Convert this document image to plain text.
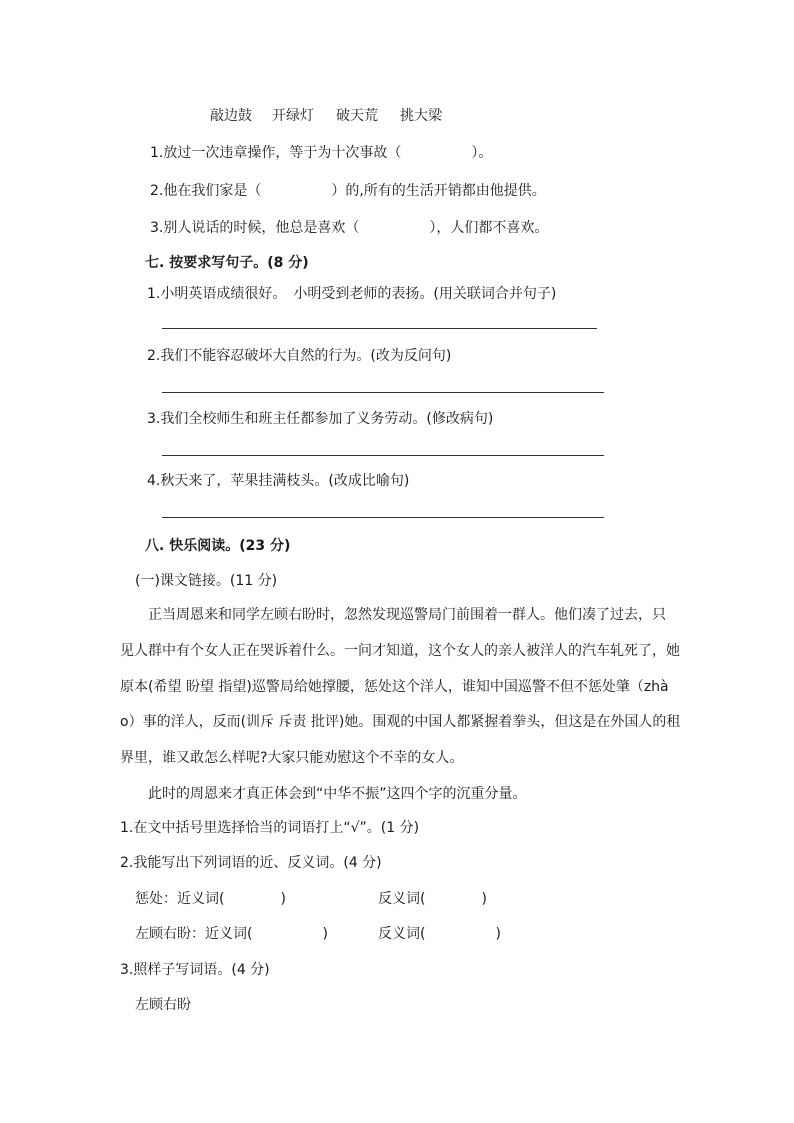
敲边鼓 开绿灯 破天荒 挑大梁
1.放过一次违章操作，等于为十次事故（　　　　　）。
2.他在我们家是（　　　　　）的,所有的生活开销都由他提供。
3.别人说话的时候，他总是喜欢（　　　　　），人们都不喜欢。
七. 按要求写句子。(8 分)
1.小明英语成绩很好。　小明受到老师的表扬。(用关联词合并句子)
2.我们不能容忍破坏大自然的行为。(改为反问句)
3.我们全校师生和班主任都参加了义务劳动。(修改病句)
4.秋天来了，苹果挂满枝头。(改成比喻句)
八. 快乐阅读。(23 分)
(一)课文链接。(11 分)
　　正当周恩来和同学左顾右盼时，忽然发现巡警局门前围着一群人。他们凑了过去，只
见人群中有个女人正在哭诉着什么。一问才知道，这个女人的亲人被洋人的汽车轧死了，她
原本(希望 盼望 指望)巡警局给她撑腰，惩处这个洋人，谁知中国巡警不但不惩处肇（zhà
o）事的洋人，反而(训斥 斥责 批评)她。围观的中国人都紧握着拳头，但这是在外国人的租
界里，谁又敢怎么样呢?大家只能劝慰这个不幸的女人。
　　此时的周恩来才真正体会到“中华不振”这四个字的沉重分量。
1.在文中括号里选择恰当的词语打上“√”。(1 分)
2.我能写出下列词语的近、反义词。(4 分)
惩处：近义词(　　　　)	反义词(　　　　)
左顾右盼：近义词(　　　　　)	反义词(　　　　　)
3.照样子写词语。(4 分)
左顾右盼
